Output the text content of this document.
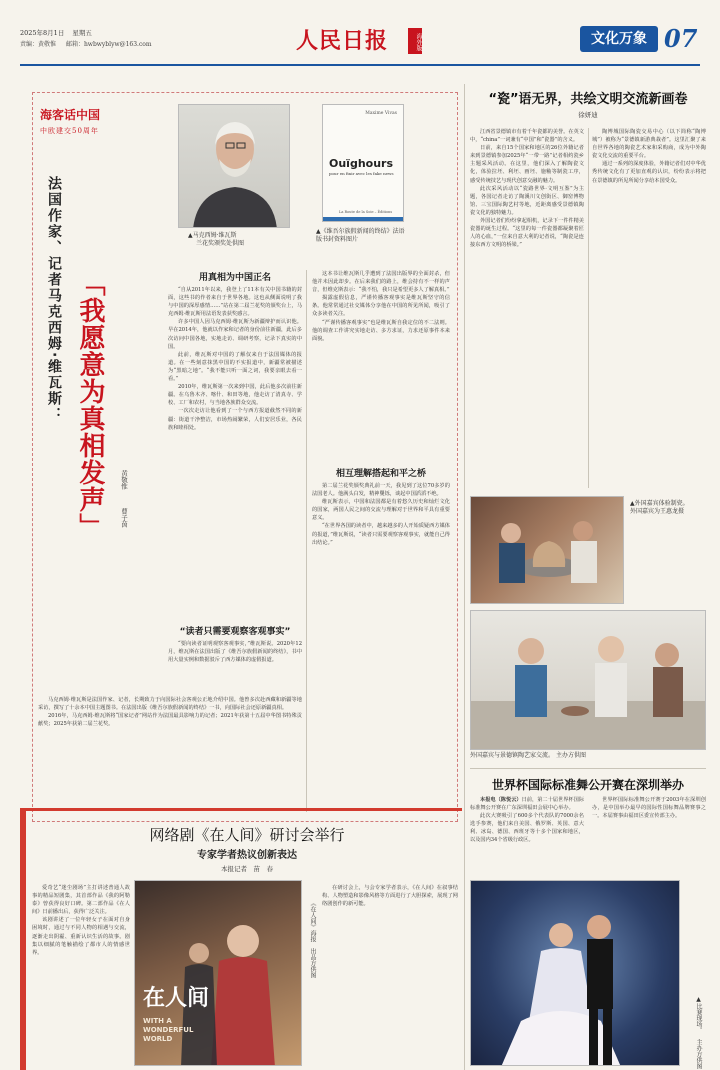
2025年8月1日 星期五
责编：黄敬惟 邮箱：hwbwyblyw@163.com	人民日报	海外版	文化万象 07
海客话中国
中欧建交50周年
法国作家、记者马克西姆·维瓦斯： 「我愿意为真相发声」	黄敬惟  曹子茵
▲马克西姆·维瓦斯
兰花奖颁奖处供图
Maxime Vivas
Ouïghours
pour en finir avec les fake news
La Route de la Soie – Éditions
▲《维吾尔族假新闻的终结》法语版书封资料图片
用真相为中国正名

“自从2011年以来，我登上了11本有关中国书籍的封面，这些书的作者来自于世界各地。这也从侧面说明了我与中国的深厚感情……”站在第二届兰花奖的颁奖台上，马克西姆·维瓦斯用法语发表获奖感言。

许多中国人因马克西姆·维瓦斯为新疆辩护而认识他。早在2014年，他就以作家和记者的身份前往新疆，此后多次访问中国各地，实地走访、调研考察，记录下真实的中国。

此前，维瓦斯对中国的了解仅来自于法国媒体的报道。在一些刻意抹黑中国的不实报道中，新疆常被描述为“黑暗之地”。“我不能只听一面之词，我要亲眼去看一看。”

2010年，维瓦斯第一次来到中国，此后他多次前往新疆。在乌鲁木齐、喀什、和田等地，他走访了清真寺、学校、工厂和农村，与当地各族群众交流。

一次次走访让他看到了一个与西方报道截然不同的新疆：街道干净整洁，市场热闹繁荣，人们安居乐业，各民族和睦相处。

“读者只需要观察客观事实”

“要向读者证明观察客观事实，”维瓦斯说。2020年12月，维瓦斯在法国出版了《维吾尔族假新闻的终结》，书中用大量实例和数据驳斥了西方媒体的虚假报道。

马克西姆·维瓦斯是法国作家、记者，长期致力于向国际社会客观公正地介绍中国。他曾多次赴西藏和新疆等地采访，撰写了十余本中国主题图书。在法国出版《维吾尔族假新闻的终结》一书，向国际社会还原新疆真相。

2016年，马克西姆·维瓦斯将“国家记者”网站作为法国最具影响力的记者；2021年获第十五届中华图书特殊贡献奖；2025年获第二届兰花奖。

这本书让维瓦斯几乎遭到了法国出版界的全面封杀，但他并未因此却步。在后来我们的路上，维会持有不一样的声音，但维克斯表示：“我不怕，我只是希望更多人了解真相。”

揭露虚假信息，严谨传播客观事实是维瓦斯坚守的信条。他常常通过社交媒体分享他在中国的所见所闻，吸引了众多读者关注。

“严谨传播客观事实”也是维瓦斯自我定位的不二法则。他的调查工作讲究实地走访、多方求证，力求还原事件本来面貌。

相互理解搭起和平之桥

第二届兰花奖颁奖典礼前一天，我见到了这位70多岁的法国老人。他满头白发，精神矍铄，谈起中国滔滔不绝。

维瓦斯表示，中国和法国都是有着悠久历史和灿烂文化的国家，两国人民之间的交流与理解对于世界和平具有重要意义。

“在世界各国的读者中，越来越多的人开始质疑西方媒体的报道，”维瓦斯说，“读者只需要观察客观事实，就能自己得出结论。”

“瓷”语无界，共绘文明交流新画卷
徐妍迪

江西省景德镇市有着千年瓷都的美誉。在英文中，“china”一词兼有“中国”和“瓷器”的含义。

日前，来自15个国家和地区的26位外籍记者来到景德镇参加2025年“一带一路”记者相约瓷乡主题采风活动。在这里，他们深入了解陶瓷文化，体验拉坯、利坯、画坯、施釉等制瓷工序，感受传统技艺与现代创意交融的魅力。

此次采风活动以“瓷路世界·文明互鉴”为主题，各国记者走访了陶溪川文创街区、御窑博物馆、三宝国际陶艺村等地，近距离感受景德镇陶瓷文化的独特魅力。

外国记者们纷纷拿起相机，记录下一件件精美瓷器的诞生过程。“这里的每一件瓷器都凝聚着匠人的心血，”一位来自意大利的记者说，“陶瓷是连接东西方文明的桥梁。”

陶博城国际陶瓷交易中心（以下简称“陶博城”）被称为“景德镇新游典栽者”。这里汇聚了来自世界各地的陶瓷艺术家和采购商，成为中外陶瓷文化交流的重要平台。

通过一系列的深度体验，外籍记者们对中华优秀传统文化有了更加直观的认识，纷纷表示将把在景德镇的所见所闻分享给本国受众。

▲外国嘉宾体验制瓷。
外国嘉宾为王惠龙摄
外国嘉宾与景德镇陶艺家交流。 主办方供图
世界杯国际标准舞公开赛在深圳举办

本报电（陈悦云）日前，第二十届世界杯国际标准舞公开赛在广东深圳福田会展中心举办。

此次大赛吸引了600多个代表队的7000余名选手参赛，他们来自美国、俄罗斯、英国、意大利、冰岛、德国、西班牙等十多个国家和地区，以及国内34个省级行政区。

世界杯国际标准舞公开赛于2003年在深圳创办，是中国举办最早的国际性国标舞品牌赛事之一。本届赛事由福田区委宣传部主办。

▲比赛现场。 主办方供图
网络剧《在人间》研讨会举行
专家学者热议创新表达
本报记者　苗　春

爱奇艺“迷尘剧场”主打讲述普通人故事的精品短剧集，其首部作品《我的阿勒泰》曾获得良好口碑。第二部作品《在人间》日前播出后，获得广泛关注。

该剧讲述了一位年轻女子在面对自身困境时，通过与不同人物的相遇与交流，逐渐走出阴霾、重新认识生活的故事。剧集以细腻的笔触描绘了都市人的情感世界。

在人间
WITH A WONDERFUL WORLD
《在人间》海报 出品方供图

在研讨会上，与会专家学者表示，《在人间》在叙事结构、人物塑造和影像风格等方面进行了大胆探索，展现了网络剧创作的新可能。
